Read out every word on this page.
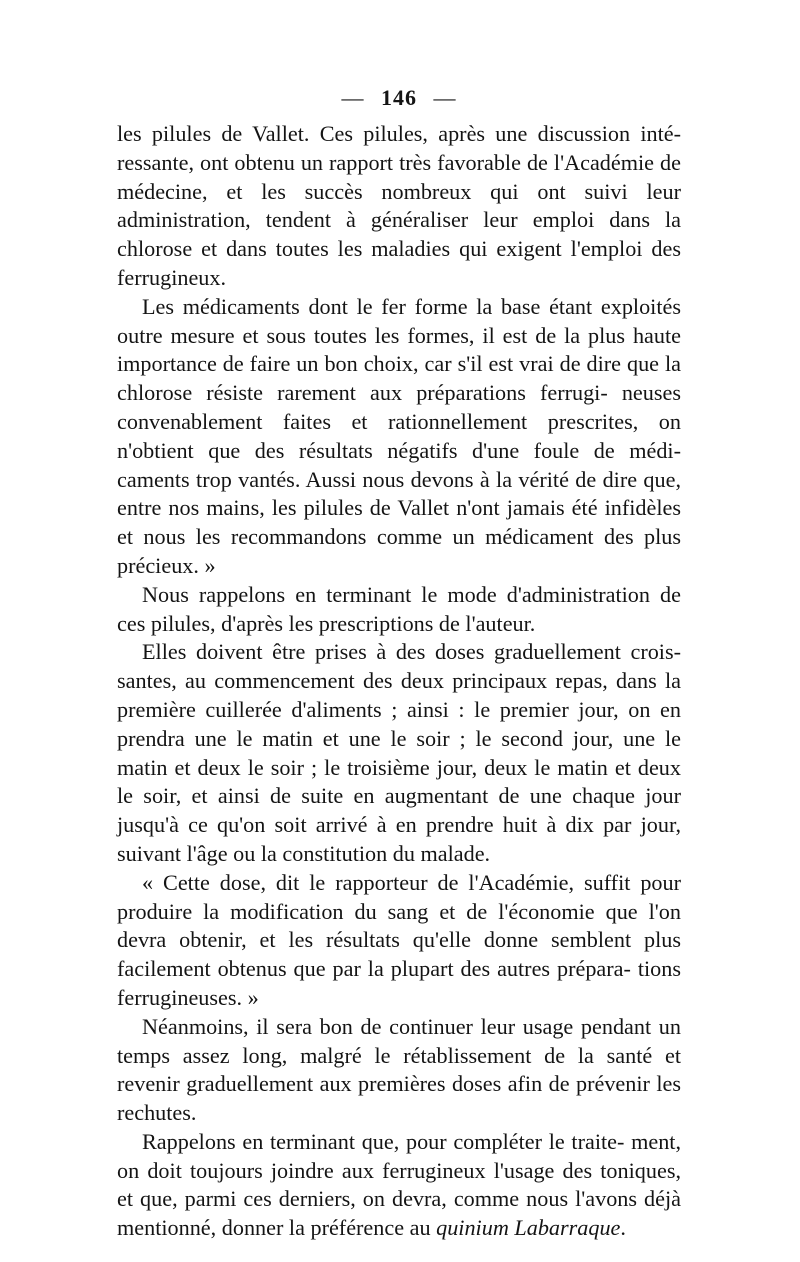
— 146 —

les pilules de Vallet. Ces pilules, après une discussion inté- ressante, ont obtenu un rapport très favorable de l'Académie de médecine, et les succès nombreux qui ont suivi leur administration, tendent à généraliser leur emploi dans la chlorose et dans toutes les maladies qui exigent l'emploi des ferrugineux.

Les médicaments dont le fer forme la base étant exploités outre mesure et sous toutes les formes, il est de la plus haute importance de faire un bon choix, car s'il est vrai de dire que la chlorose résiste rarement aux préparations ferrugi- neuses convenablement faites et rationnellement prescrites, on n'obtient que des résultats négatifs d'une foule de médi- caments trop vantés. Aussi nous devons à la vérité de dire que, entre nos mains, les pilules de Vallet n'ont jamais été infidèles et nous les recommandons comme un médicament des plus précieux. »

Nous rappelons en terminant le mode d'administration de ces pilules, d'après les prescriptions de l'auteur.

Elles doivent être prises à des doses graduellement crois- santes, au commencement des deux principaux repas, dans la première cuillerée d'aliments ; ainsi : le premier jour, on en prendra une le matin et une le soir ; le second jour, une le matin et deux le soir ; le troisième jour, deux le matin et deux le soir, et ainsi de suite en augmentant de une chaque jour jusqu'à ce qu'on soit arrivé à en prendre huit à dix par jour, suivant l'âge ou la constitution du malade.

« Cette dose, dit le rapporteur de l'Académie, suffit pour produire la modification du sang et de l'économie que l'on devra obtenir, et les résultats qu'elle donne semblent plus facilement obtenus que par la plupart des autres prépara- tions ferrugineuses. »

Néanmoins, il sera bon de continuer leur usage pendant un temps assez long, malgré le rétablissement de la santé et revenir graduellement aux premières doses afin de prévenir les rechutes.

Rappelons en terminant que, pour compléter le traite- ment, on doit toujours joindre aux ferrugineux l'usage des toniques, et que, parmi ces derniers, on devra, comme nous l'avons déjà mentionné, donner la préférence au quinium Labarraque.
